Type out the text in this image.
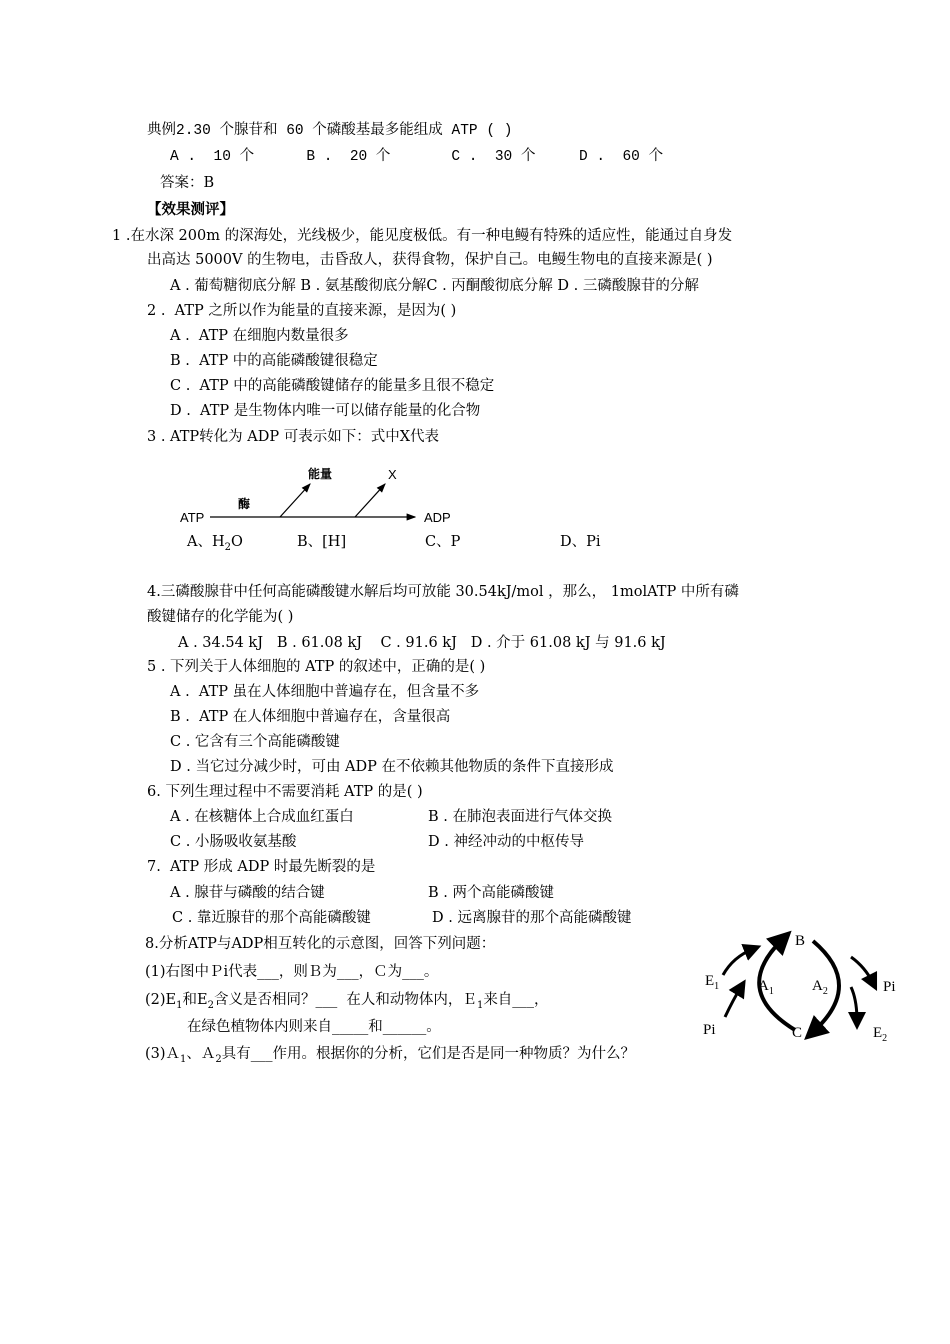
典例2.30 个腺苷和 60 个磷酸基最多能组成 ATP ( )
A .  10 个      B .  20 个       C .  30 个     D .  60 个
答案：B
【效果测评】
1 .在水深 200m 的深海处，光线极少，能见度极低。有一种电鳗有特殊的适应性，能通过自身发
出高达 5000V 的生物电，击昏敌人，获得食物，保护自己。电鳗生物电的直接来源是( )
A . 葡萄糖彻底分解 B . 氨基酸彻底分解C . 丙酮酸彻底分解 D . 三磷酸腺苷的分解
2 .  ATP 之所以作为能量的直接来源，是因为( )
A .  ATP 在细胞内数量很多
B .  ATP 中的高能磷酸键很稳定
C .  ATP 中的高能磷酸键储存的能量多且很不稳定
D .  ATP 是生物体内唯一可以储存能量的化合物
3 . ATP转化为 ADP 可表示如下：式中X代表
ATP
酶
能量	X
ADP
A、$H_2O$	B、[H]	C、P	D、Pi
4.三磷酸腺苷中任何高能磷酸键水解后均可放能 30.54kJ/mol ，那么， 1molATP 中所有磷
酸键储存的化学能为( )
A . 34.54 kJ   B . 61.08 kJ    C . 91.6 kJ   D . 介于 61.08 kJ 与 91.6 kJ
5 . 下列关于人体细胞的 ATP 的叙述中，正确的是( )
A .  ATP 虽在人体细胞中普遍存在，但含量不多
B .  ATP 在人体细胞中普遍存在，含量很高
C . 它含有三个高能磷酸键
D . 当它过分减少时，可由 ADP 在不依赖其他物质的条件下直接形成
6. 下列生理过程中不需要消耗 ATP 的是( )
A . 在核糖体上合成血红蛋白	B . 在肺泡表面进行气体交换
C . 小肠吸收氨基酸	D . 神经冲动的中枢传导
7.  ATP 形成 ADP 时最先断裂的是
A . 腺苷与磷酸的结合键	B . 两个高能磷酸键
C . 靠近腺苷的那个高能磷酸键	D . 远离腺苷的那个高能磷酸键
8.分析ATP与ADP相互转化的示意图，回答下列问题：
(1)右图中Ｐi代表___，则Ｂ为___，Ｃ为___。
$(2)E_1$和$E_2$含义是否相同？___  在人和动物体内，Ｅ$_1$来自___，
在绿色植物体内则来自_____和______。
(3)Ａ$_1$、Ａ$_2$具有___作用。根据你的分析，它们是否是同一种物质？为什么？
B
C
$E_1$
$E_2$
Pi
Pi
$A_1$	$A_2$
